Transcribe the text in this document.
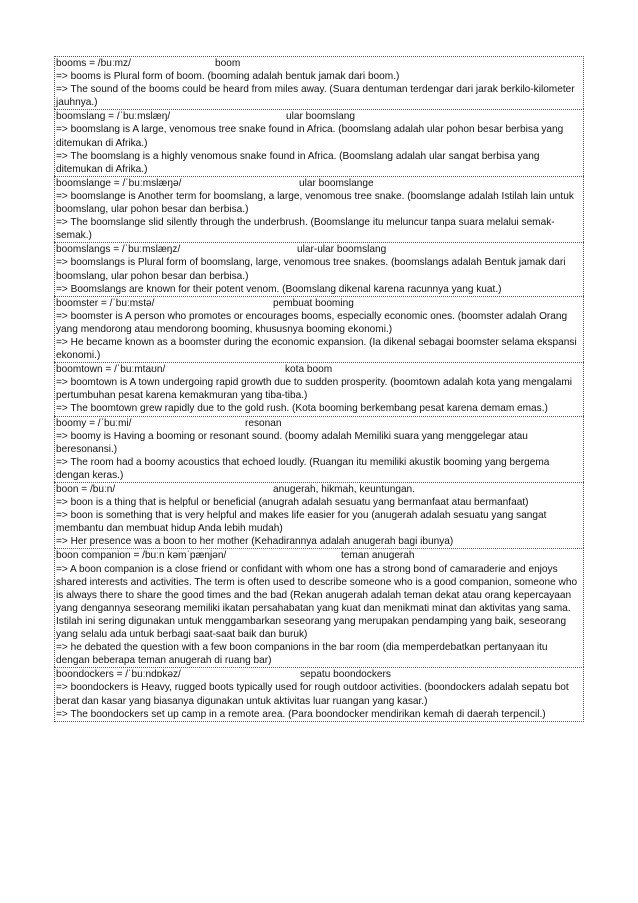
booms = /buːmz/	boom
=> booms is Plural form of boom. (booming adalah bentuk jamak dari boom.)
=> The sound of the booms could be heard from miles away. (Suara dentuman terdengar dari jarak berkilo-kilometer jauhnya.)
boomslang = /ˈbuːmslæŋ/	ular boomslang
=> boomslang is A large, venomous tree snake found in Africa. (boomslang adalah ular pohon besar berbisa yang ditemukan di Afrika.)
=> The boomslang is a highly venomous snake found in Africa. (Boomslang adalah ular sangat berbisa yang ditemukan di Afrika.)
boomslange = /ˈbuːmslæŋə/	ular boomslange
=> boomslange is Another term for boomslang, a large, venomous tree snake. (boomslange adalah Istilah lain untuk boomslang, ular pohon besar dan berbisa.)
=> The boomslange slid silently through the underbrush. (Boomslange itu meluncur tanpa suara melalui semak-semak.)
boomslangs = /ˈbuːmslæŋz/	ular-ular boomslang
=> boomslangs is Plural form of boomslang, large, venomous tree snakes. (boomslangs adalah Bentuk jamak dari boomslang, ular pohon besar dan berbisa.)
=> Boomslangs are known for their potent venom. (Boomslang dikenal karena racunnya yang kuat.)
boomster = /ˈbuːmstə/	pembuat booming
=> boomster is A person who promotes or encourages booms, especially economic ones. (boomster adalah Orang yang mendorong atau mendorong booming, khususnya booming ekonomi.)
=> He became known as a boomster during the economic expansion. (Ia dikenal sebagai boomster selama ekspansi ekonomi.)
boomtown = /ˈbuːmtaʊn/	kota boom
=> boomtown is A town undergoing rapid growth due to sudden prosperity. (boomtown adalah kota yang mengalami pertumbuhan pesat karena kemakmuran yang tiba-tiba.)
=> The boomtown grew rapidly due to the gold rush. (Kota booming berkembang pesat karena demam emas.)
boomy = /ˈbuːmi/	resonan
=> boomy is Having a booming or resonant sound. (boomy adalah Memiliki suara yang menggelegar atau beresonansi.)
=> The room had a boomy acoustics that echoed loudly. (Ruangan itu memiliki akustik booming yang bergema dengan keras.)
boon = /buːn/	anugerah, hikmah, keuntungan.
=> boon is a thing that is helpful or beneficial (anugrah adalah sesuatu yang bermanfaat atau bermanfaat)
=> boon is something that is very helpful and makes life easier for you (anugerah adalah sesuatu yang sangat membantu dan membuat hidup Anda lebih mudah)
=> Her presence was a boon to her mother (Kehadirannya adalah anugerah bagi ibunya)
boon companion = /buːn kəmˈpænjən/	teman anugerah
=> A boon companion is a close friend or confidant with whom one has a strong bond of camaraderie and enjoys shared interests and activities. The term is often used to describe someone who is a good companion, someone who is always there to share the good times and the bad (Rekan anugerah adalah teman dekat atau orang kepercayaan yang dengannya seseorang memiliki ikatan persahabatan yang kuat dan menikmati minat dan aktivitas yang sama. Istilah ini sering digunakan untuk menggambarkan seseorang yang merupakan pendamping yang baik, seseorang yang selalu ada untuk berbagi saat-saat baik dan buruk)
=> he debated the question with a few boon companions in the bar room (dia memperdebatkan pertanyaan itu dengan beberapa teman anugerah di ruang bar)
boondockers = /ˈbuːndɒkəz/	sepatu boondockers
=> boondockers is Heavy, rugged boots typically used for rough outdoor activities. (boondockers adalah sepatu bot berat dan kasar yang biasanya digunakan untuk aktivitas luar ruangan yang kasar.)
=> The boondockers set up camp in a remote area. (Para boondocker mendirikan kemah di daerah terpencil.)
